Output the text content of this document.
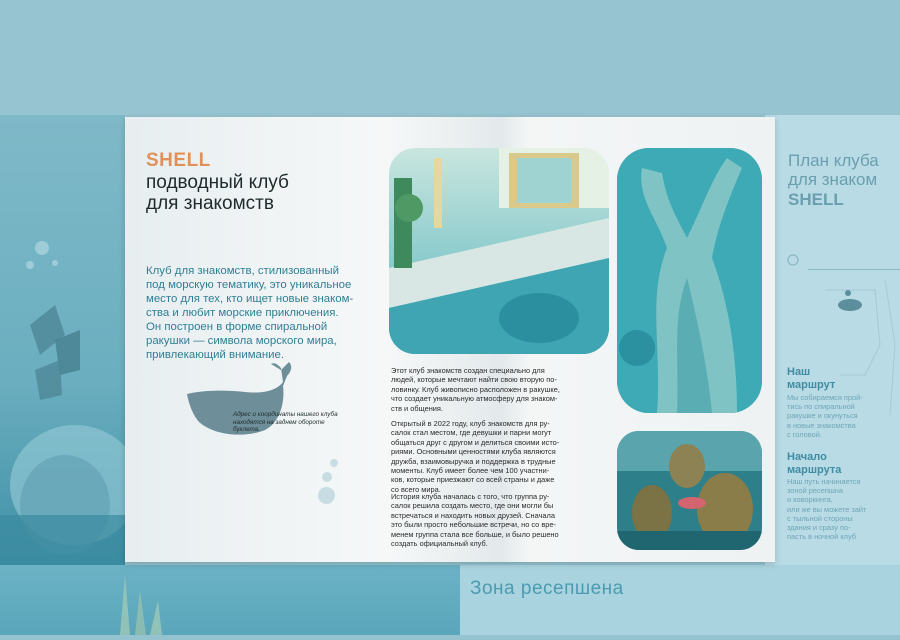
Зона ресепшена
SHELL
подводный клуб
для знакомств
Клуб для знакомств, стилизованный
под морскую тематику, это уникальное
место для тех, кто ищет новые знаком-
ства и любит морские приключения.
Он построен в форме спиральной
ракушки — символа морского мира,
привлекающий внимание.
Адрес и координаты нашего клуба находятся на заднем обороте буклета.
Этот клуб знакомств создан специально для
людей, которые мечтают найти свою вторую по-
ловинку. Клуб живописно расположен в ракушке,
что создает уникальную атмосферу для знаком-
ств и общения.
Открытый в 2022 году, клуб знакомств для ру-
салок стал местом, где девушки и парни могут
общаться друг с другом и делиться своими исто-
риями. Основными ценностями клуба являются
дружба, взаимовыручка и поддержка в трудные
моменты. Клуб имеет более чем 100 участни-
ков, которые приезжают со всей страны и даже
со всего мира.
История клуба началась с того, что группа ру-
салок решила создать место, где они могли бы
встречаться и находить новых друзей. Сначала
это были просто небольшие встречи, но со вре-
менем группа стала все больше, и было решено
создать официальный клуб.
План клуба
для знаком
SHELL
Наш
маршрут
Мы собираемся прой-
тись по спиральной
ракушке и окунуться
в новые знакомства
с головой.
Начало
маршрута
Наш путь начинается
зоной ресепшна
и коворкинга,
или же вы можете зайт
с тыльной стороны
здания и сразу по-
пасть в ночной клуб
